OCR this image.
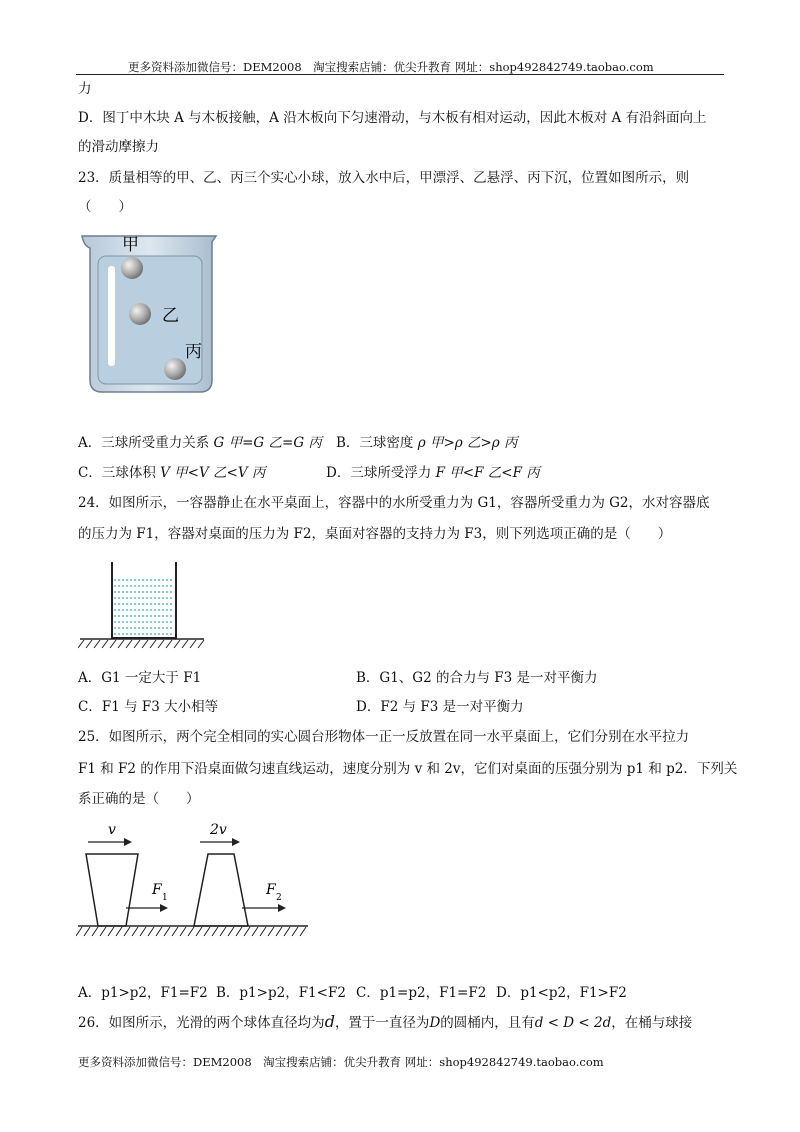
更多资料添加微信号：DEM2008　淘宝搜索店铺：优尖升教育 网址：shop492842749.taobao.com
力
D．图丁中木块 A 与木板接触，A 沿木板向下匀速滑动，与木板有相对运动，因此木板对 A 有沿斜面向上
的滑动摩擦力
23．质量相等的甲、乙、丙三个实心小球，放入水中后，甲漂浮、乙悬浮、丙下沉，位置如图所示，则
（　　）
甲
乙
丙
A．三球所受重力关系 G 甲=G 乙=G 丙 B．三球密度 ρ 甲>ρ 乙>ρ 丙
C．三球体积 V 甲<V 乙<V 丙	D．三球所受浮力 F 甲<F 乙<F 丙
24．如图所示，一容器静止在水平桌面上，容器中的水所受重力为 G1，容器所受重力为 G2，水对容器底
的压力为 F1，容器对桌面的压力为 F2，桌面对容器的支持力为 F3，则下列选项正确的是（　　）
A．G1 一定大于 F1	B．G1、G2 的合力与 F3 是一对平衡力
C．F1 与 F3 大小相等	D．F2 与 F3 是一对平衡力
25．如图所示，两个完全相同的实心圆台形物体一正一反放置在同一水平桌面上，它们分别在水平拉力
F1 和 F2 的作用下沿桌面做匀速直线运动，速度分别为 v 和 2v，它们对桌面的压强分别为 p1 和 p2．下列关
系正确的是（　　）
v	2v
F 1	F 2
A．p1>p2，F1=F2 B．p1>p2，F1<F2 C．p1=p2，F1=F2 D．p1<p2，F1>F2
26．如图所示，光滑的两个球体直径均为d，置于一直径为D的圆桶内，且有d < D < 2d，在桶与球接
更多资料添加微信号：DEM2008　淘宝搜索店铺：优尖升教育 网址：shop492842749.taobao.com
